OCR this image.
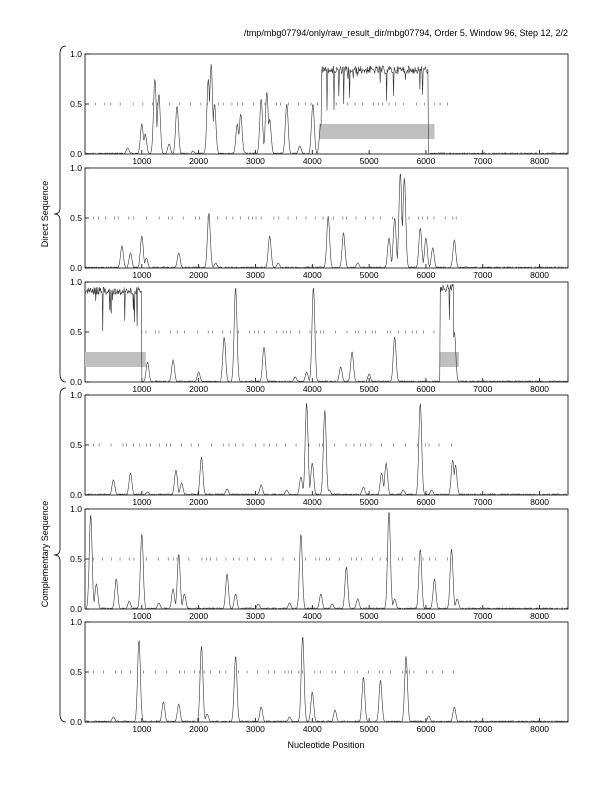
/tmp/mbg07794/only/raw_result_dir/mbg07794, Order 5, Window 96, Step 12, 2/2
0.0
0.5
1.0
1000	2000	3000	4000	5000	6000	7000	8000
0.0
0.5
1.0
1000	2000	3000	4000	5000	6000	7000	8000
0.0
0.5
1.0
1000	2000	3000	4000	5000	6000	7000	8000
0.0
0.5
1.0
1000	2000	3000	4000	5000	6000	7000	8000
0.0
0.5
1.0
1000	2000	3000	4000	5000	6000	7000	8000
0.0
0.5
1.0
1000	2000	3000	4000	5000	6000	7000	8000
Direct Sequence
Complementary Sequence
Nucleotide Position
